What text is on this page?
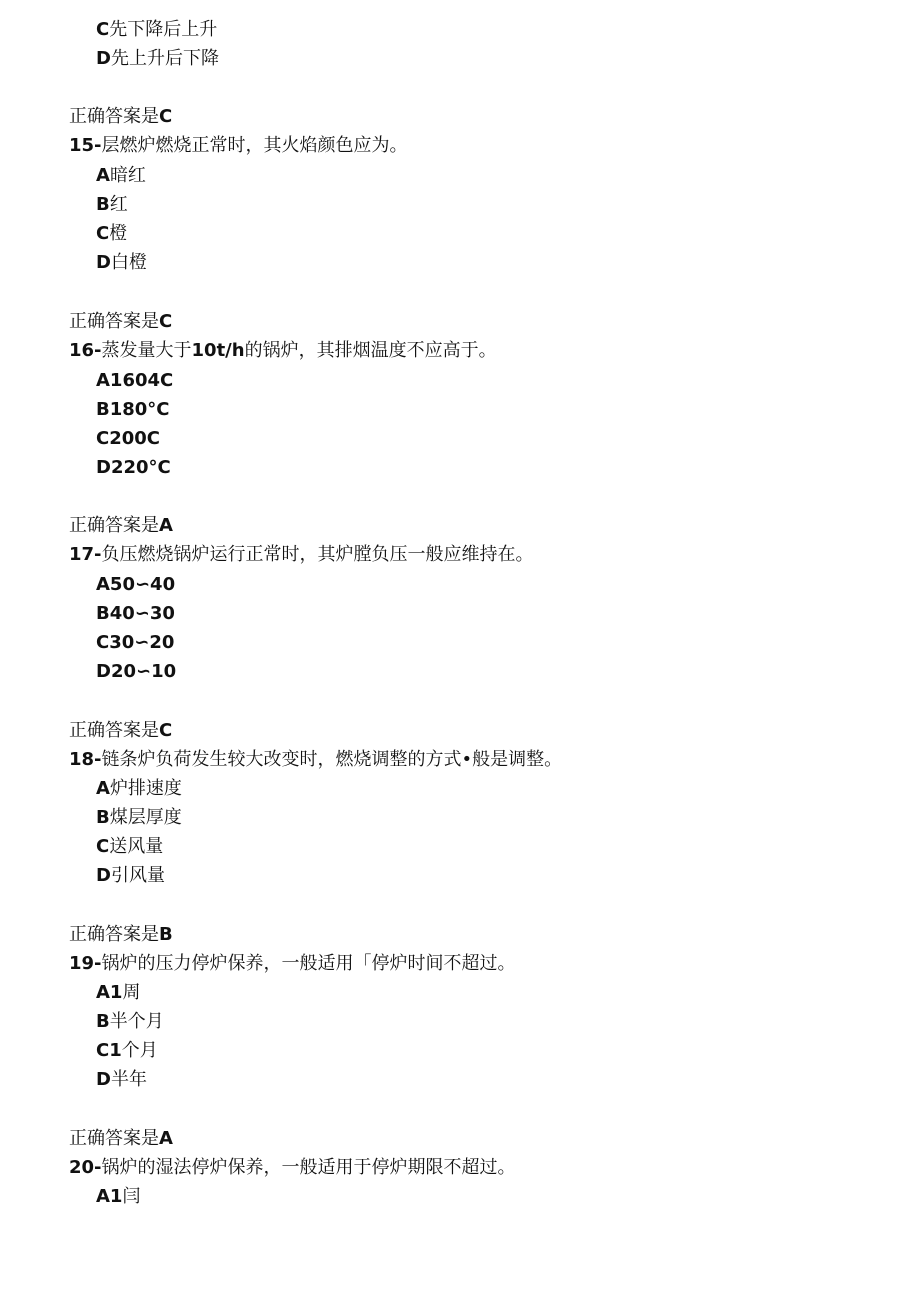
C先下降后上升
D先上升后下降
正确答案是C
15-层燃炉燃烧正常时，其火焰颜色应为。
A暗红
B红
C橙
D白橙
正确答案是C
16-蒸发量大于10t/h的锅炉，其排烟温度不应高于。
A1604C
B180°C
C200C
D220°C
正确答案是A
17-负压燃烧锅炉运行正常时，其炉膛负压一般应维持在。
A50∽40
B40∽30
C30∽20
D20∽10
正确答案是C
18-链条炉负荷发生较大改变时，燃烧调整的方式•般是调整。
A炉排速度
B煤层厚度
C送风量
D引风量
正确答案是B
19-锅炉的压力停炉保养，一般适用「停炉时间不超过。
A1周
B半个月
C1个月
D半年
正确答案是A
20-锅炉的湿法停炉保养，一般适用于停炉期限不超过。
A1闫
